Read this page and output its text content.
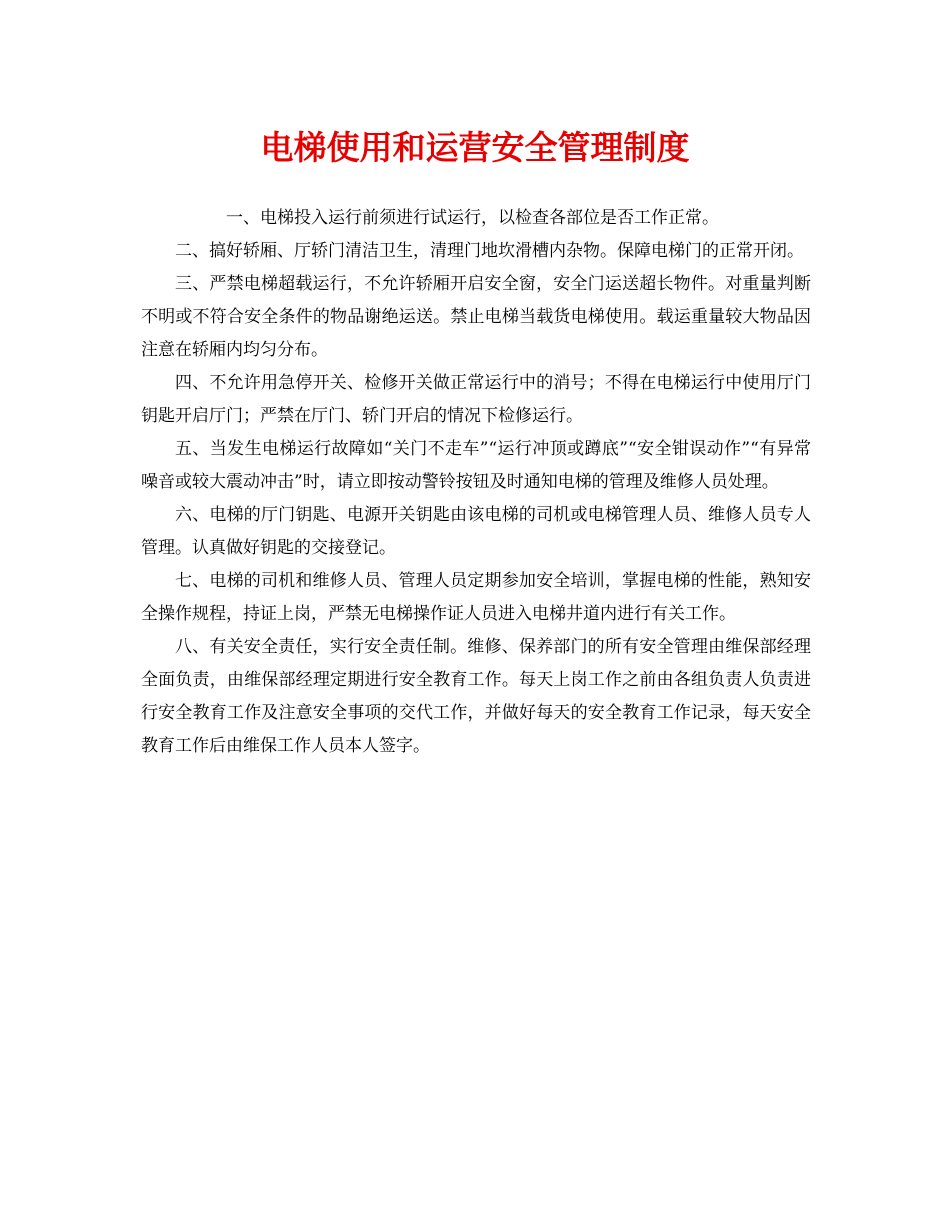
电梯使用和运营安全管理制度

一、电梯投入运行前须进行试运行，以检查各部位是否工作正常。

二、搞好轿厢、厅轿门清洁卫生，清理门地坎滑槽内杂物。保障电梯门的正常开闭。

三、严禁电梯超载运行，不允许轿厢开启安全窗，安全门运送超长物件。对重量判断不明或不符合安全条件的物品谢绝运送。禁止电梯当载货电梯使用。载运重量较大物品因注意在轿厢内均匀分布。

四、不允许用急停开关、检修开关做正常运行中的消号；不得在电梯运行中使用厅门钥匙开启厅门；严禁在厅门、轿门开启的情况下检修运行。

五、当发生电梯运行故障如“关门不走车”“运行冲顶或蹲底”“安全钳误动作”“有异常噪音或较大震动冲击”时，请立即按动警铃按钮及时通知电梯的管理及维修人员处理。

六、电梯的厅门钥匙、电源开关钥匙由该电梯的司机或电梯管理人员、维修人员专人管理。认真做好钥匙的交接登记。

七、电梯的司机和维修人员、管理人员定期参加安全培训，掌握电梯的性能，熟知安全操作规程，持证上岗，严禁无电梯操作证人员进入电梯井道内进行有关工作。

八、有关安全责任，实行安全责任制。维修、保养部门的所有安全管理由维保部经理全面负责，由维保部经理定期进行安全教育工作。每天上岗工作之前由各组负责人负责进行安全教育工作及注意安全事项的交代工作，并做好每天的安全教育工作记录，每天安全教育工作后由维保工作人员本人签字。
